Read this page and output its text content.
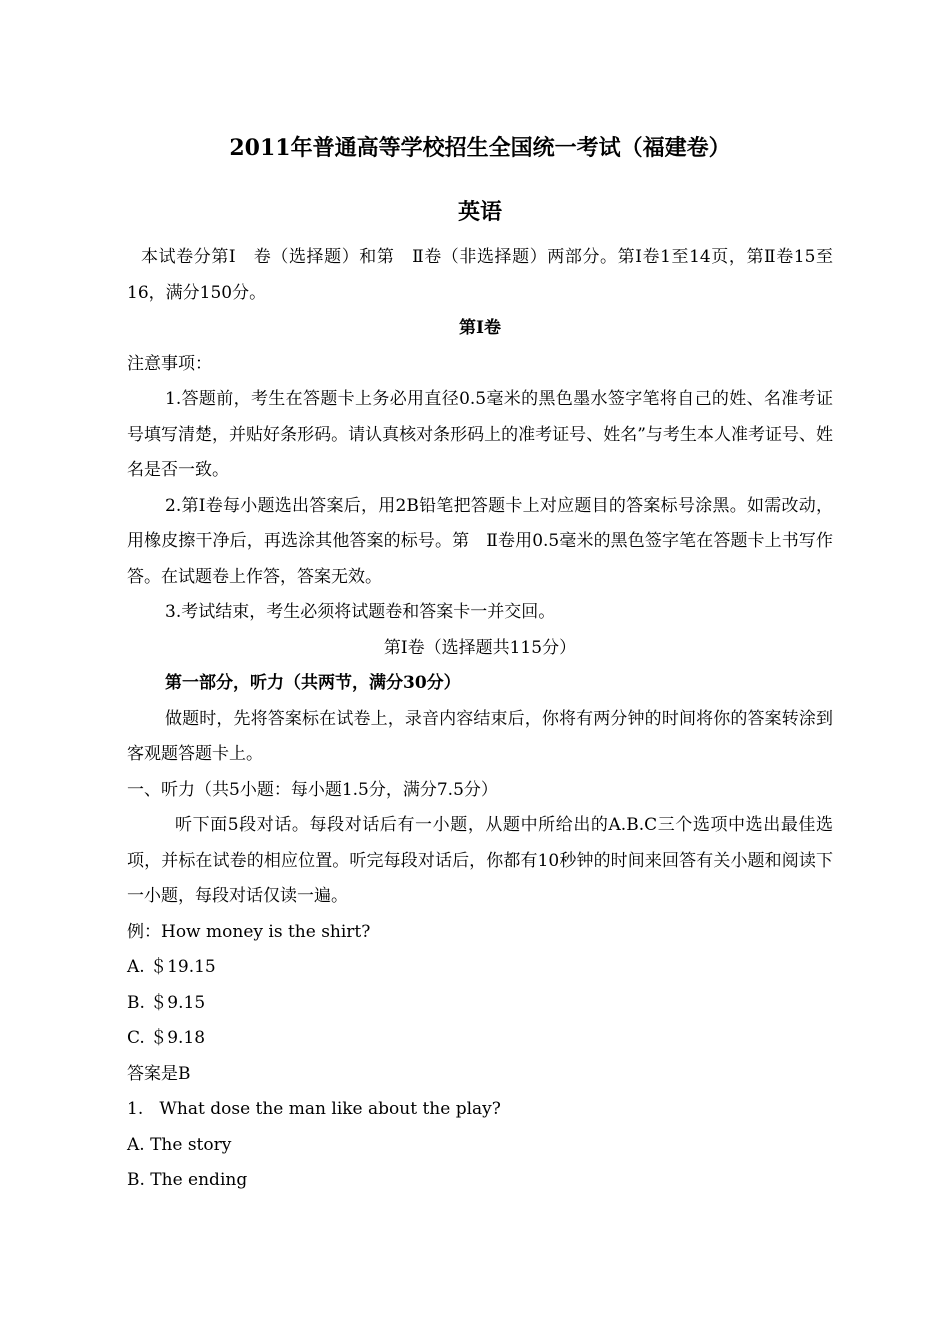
2011年普通高等学校招生全国统一考试（福建卷）
英语

本试卷分第Ⅰ　卷（选择题）和第　Ⅱ卷（非选择题）两部分。第Ⅰ卷1至14页，第Ⅱ卷15至16，满分150分。

第Ⅰ卷

注意事项：

1.答题前，考生在答题卡上务必用直径0.5毫米的黑色墨水签字笔将自己的姓、名准考证号填写清楚，并贴好条形码。请认真核对条形码上的准考证号、姓名”与考生本人准考证号、姓名是否一致。

2.第Ⅰ卷每小题选出答案后，用2B铅笔把答题卡上对应题目的答案标号涂黑。如需改动，用橡皮擦干净后，再选涂其他答案的标号。第　Ⅱ卷用0.5毫米的黑色签字笔在答题卡上书写作答。在试题卷上作答，答案无效。

3.考试结束，考生必须将试题卷和答案卡一并交回。

第Ⅰ卷（选择题共115分）

第一部分，听力（共两节，满分30分）

做题时，先将答案标在试卷上，录音内容结束后，你将有两分钟的时间将你的答案转涂到客观题答题卡上。

一、听力（共5小题：每小题1.5分，满分7.5分）

听下面5段对话。每段对话后有一小题，从题中所给出的A.B.C三个选项中选出最佳选项，并标在试卷的相应位置。听完每段对话后，你都有10秒钟的时间来回答有关小题和阅读下一小题，每段对话仅读一遍。

例：How money is the shirt?

A. ＄19.15

B. ＄9.15

C. ＄9.18

答案是B

1.   What dose the man like about the play?

A. The story

B. The ending
